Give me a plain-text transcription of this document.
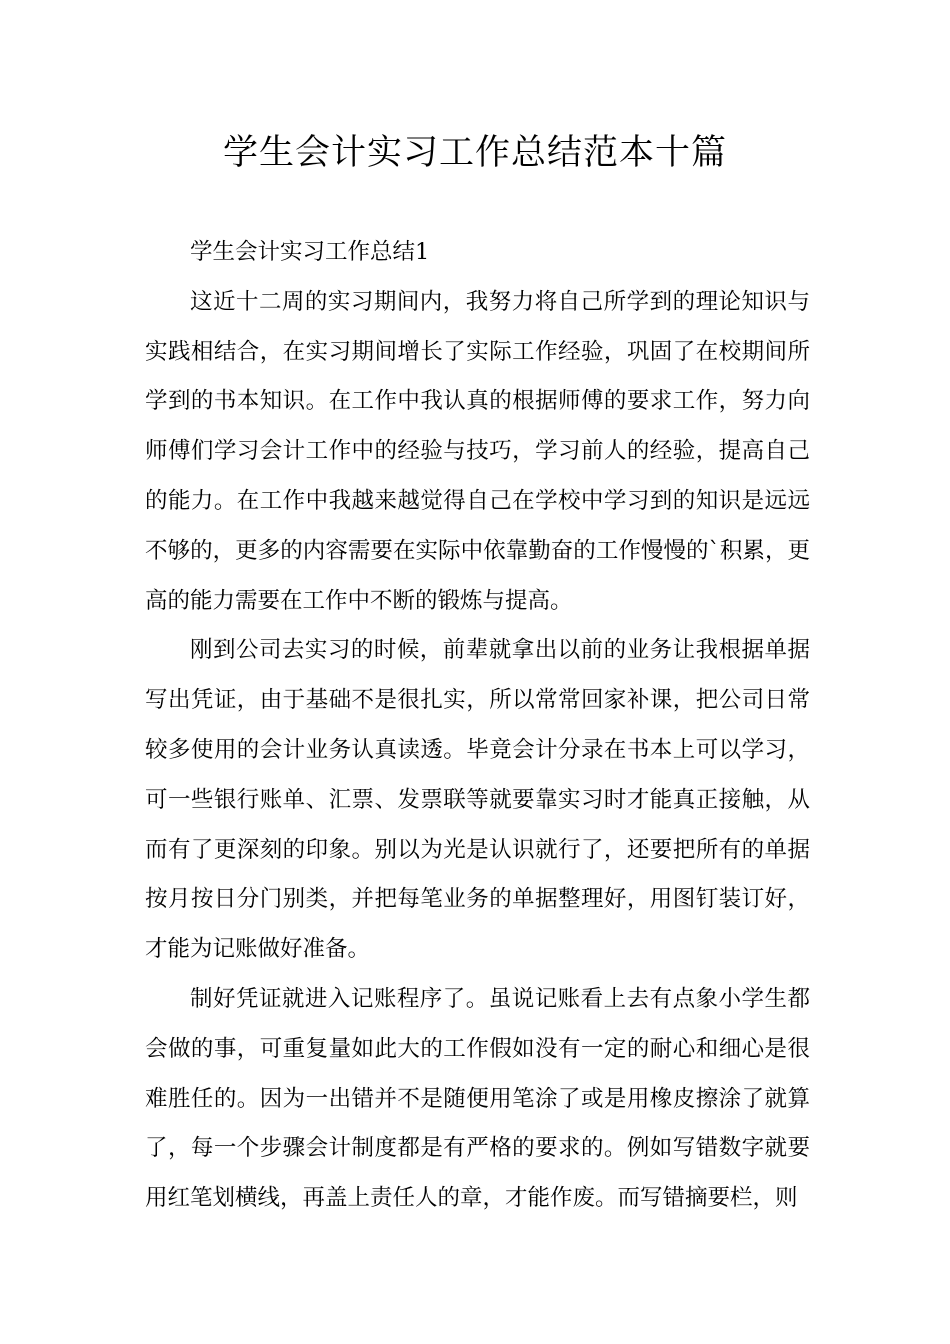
学生会计实习工作总结范本十篇

学生会计实习工作总结1

这近十二周的实习期间内，我努力将自己所学到的理论知识与实践相结合，在实习期间增长了实际工作经验，巩固了在校期间所学到的书本知识。在工作中我认真的根据师傅的要求工作，努力向师傅们学习会计工作中的经验与技巧，学习前人的经验，提高自己的能力。在工作中我越来越觉得自己在学校中学习到的知识是远远不够的，更多的内容需要在实际中依靠勤奋的工作慢慢的`积累，更高的能力需要在工作中不断的锻炼与提高。

刚到公司去实习的时候，前辈就拿出以前的业务让我根据单据写出凭证，由于基础不是很扎实，所以常常回家补课，把公司日常较多使用的会计业务认真读透。毕竟会计分录在书本上可以学习，可一些银行账单、汇票、发票联等就要靠实习时才能真正接触，从而有了更深刻的印象。别以为光是认识就行了，还要把所有的单据按月按日分门别类，并把每笔业务的单据整理好，用图钉装订好，才能为记账做好准备。

制好凭证就进入记账程序了。虽说记账看上去有点象小学生都会做的事，可重复量如此大的工作假如没有一定的耐心和细心是很难胜任的。因为一出错并不是随便用笔涂了或是用橡皮擦涂了就算了，每一个步骤会计制度都是有严格的要求的。例如写错数字就要用红笔划横线，再盖上责任人的章，才能作废。而写错摘要栏，则
